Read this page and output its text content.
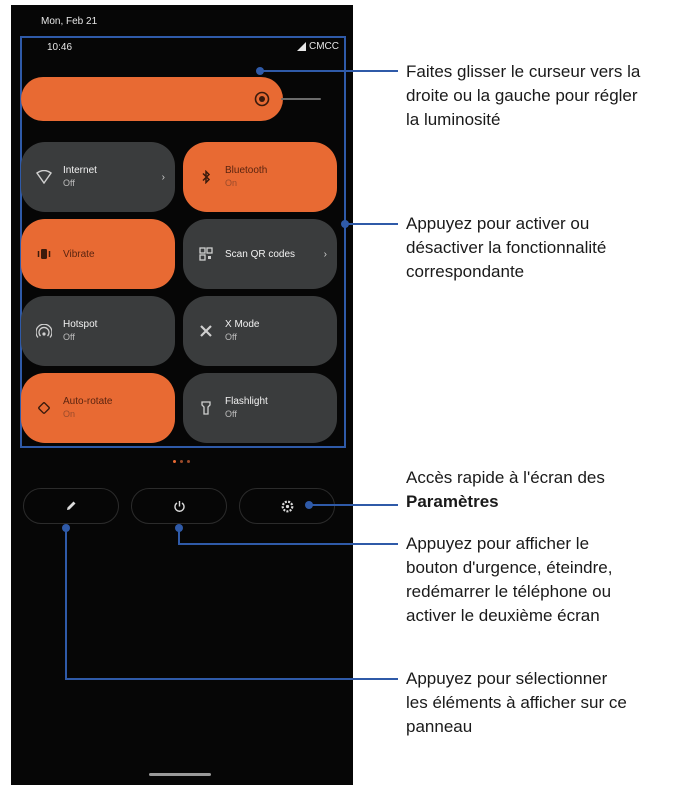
Mon, Feb 21
10:46	CMCC
Internet
Off
›
Bluetooth
On
Vibrate	Scan QR codes	›
Hotspot
Off
X Mode
Off
Auto-rotate
On
Flashlight
Off
Faites glisser le curseur vers la
droite ou la gauche pour régler
la luminosité
Appuyez pour activer ou
désactiver la fonctionnalité
correspondante
Accès rapide à l'écran des
Paramètres
Appuyez pour afficher le
bouton d'urgence, éteindre,
redémarrer le téléphone ou
activer le deuxième écran
Appuyez pour sélectionner
les éléments à afficher sur ce
panneau
